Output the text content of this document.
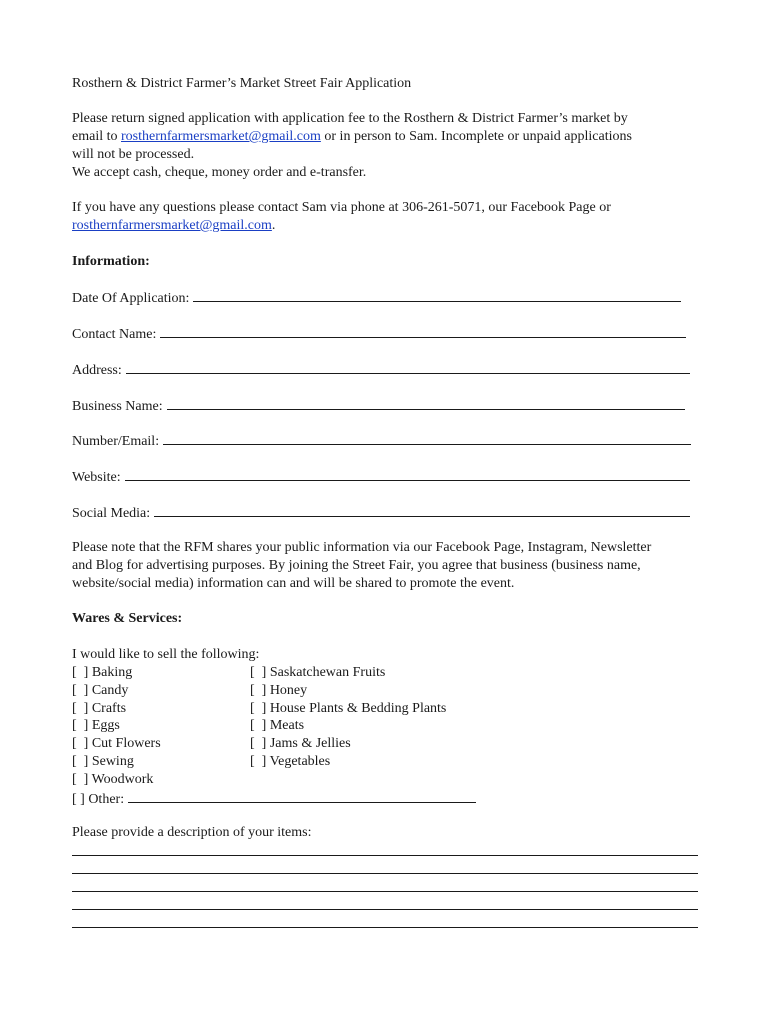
Rosthern & District Farmer’s Market Street Fair Application
Please return signed application with application fee to the Rosthern & District Farmer’s market by
email to rosthernfarmersmarket@gmail.com or in person to Sam. Incomplete or unpaid applications
will not be processed.
We accept cash, cheque, money order and e-transfer.
If you have any questions please contact Sam via phone at 306-261-5071, our Facebook Page or
rosthernfarmersmarket@gmail.com.
Information:
Date Of Application:
Contact Name:
Address:
Business Name:
Number/Email:
Website:
Social Media:
Please note that the RFM shares your public information via our Facebook Page, Instagram, Newsletter
and Blog for advertising purposes. By joining the Street Fair, you agree that business (business name,
website/social media) information can and will be shared to promote the event.
Wares & Services:
I would like to sell the following:
[  ] Baking
[  ] Candy
[  ] Crafts
[  ] Eggs
[  ] Cut Flowers
[  ] Sewing
[  ] Woodwork
[  ] Saskatchewan Fruits
[  ] Honey
[  ] House Plants & Bedding Plants
[  ] Meats
[  ] Jams & Jellies
[  ] Vegetables
[ ] Other:
Please provide a description of your items:
